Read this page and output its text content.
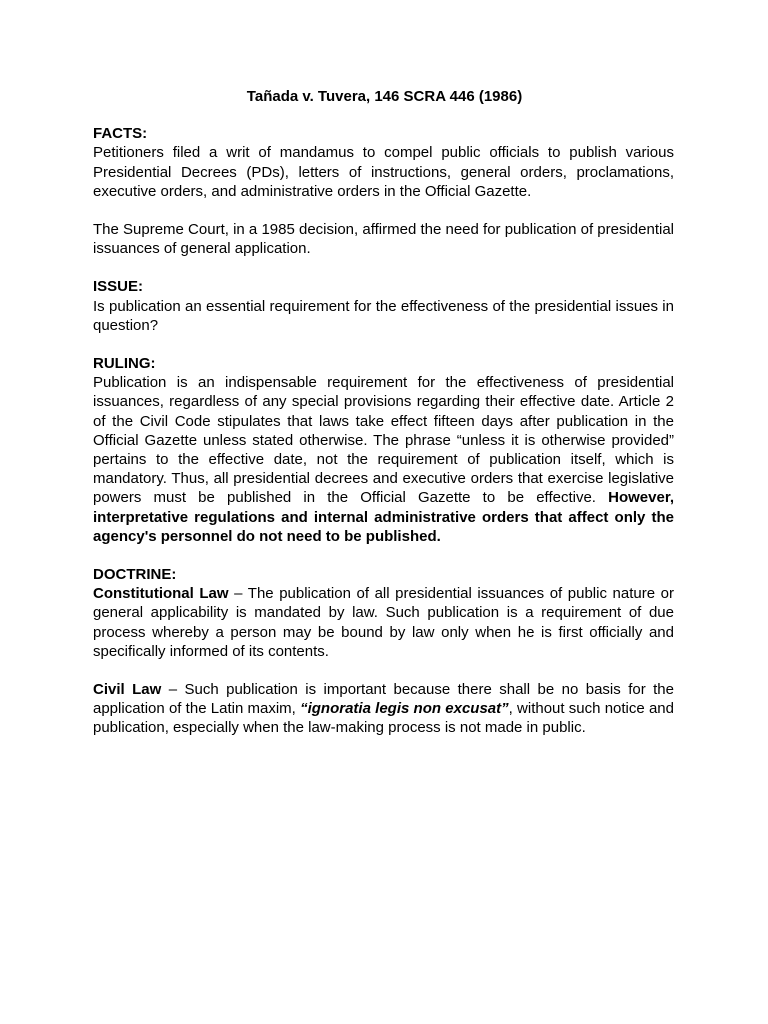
Tañada v. Tuvera, 146 SCRA 446 (1986)

FACTS:

Petitioners filed a writ of mandamus to compel public officials to publish various Presidential Decrees (PDs), letters of instructions, general orders, proclamations, executive orders, and administrative orders in the Official Gazette.

The Supreme Court, in a 1985 decision, affirmed the need for publication of presidential issuances of general application.

ISSUE:

Is publication an essential requirement for the effectiveness of the presidential issues in question?

RULING:

Publication is an indispensable requirement for the effectiveness of presidential issuances, regardless of any special provisions regarding their effective date. Article 2 of the Civil Code stipulates that laws take effect fifteen days after publication in the Official Gazette unless stated otherwise. The phrase “unless it is otherwise provided” pertains to the effective date, not the requirement of publication itself, which is mandatory. Thus, all presidential decrees and executive orders that exercise legislative powers must be published in the Official Gazette to be effective. However, interpretative regulations and internal administrative orders that affect only the agency's personnel do not need to be published.

DOCTRINE:

Constitutional Law – The publication of all presidential issuances of public nature or general applicability is mandated by law. Such publication is a requirement of due process whereby a person may be bound by law only when he is first officially and specifically informed of its contents.

Civil Law – Such publication is important because there shall be no basis for the application of the Latin maxim, “ignoratia legis non excusat”, without such notice and publication, especially when the law-making process is not made in public.
